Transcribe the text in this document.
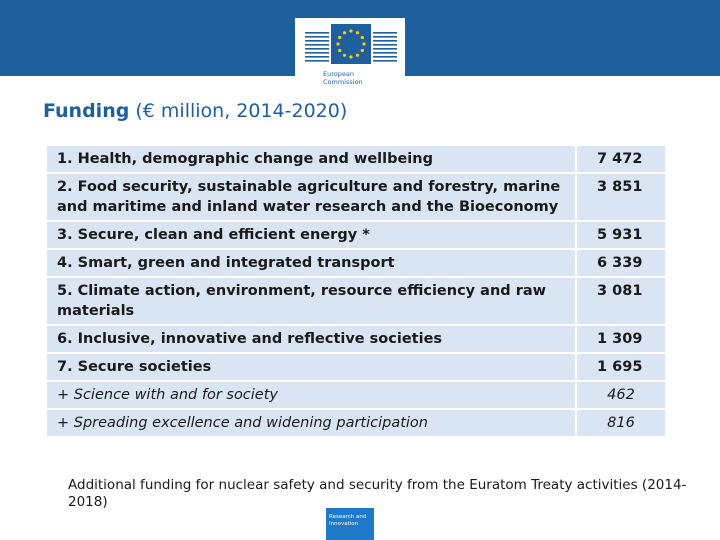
European
Commission
Funding (€ million, 2014-2020)
1. Health, demographic change and wellbeing	7 472
2. Food security, sustainable agriculture and forestry, marine and maritime and inland water research and the Bioeconomy	3 851
3. Secure, clean and efficient energy *	5 931
4. Smart, green and integrated transport	6 339
5. Climate action, environment, resource efficiency and raw materials	3 081
6. Inclusive, innovative and reflective societies	1 309
7. Secure societies	1 695
+ Science with and for society	462
+ Spreading excellence and widening participation	816
Additional funding for nuclear safety and security from the Euratom Treaty activities (2014-2018)
Research and
Innovation
